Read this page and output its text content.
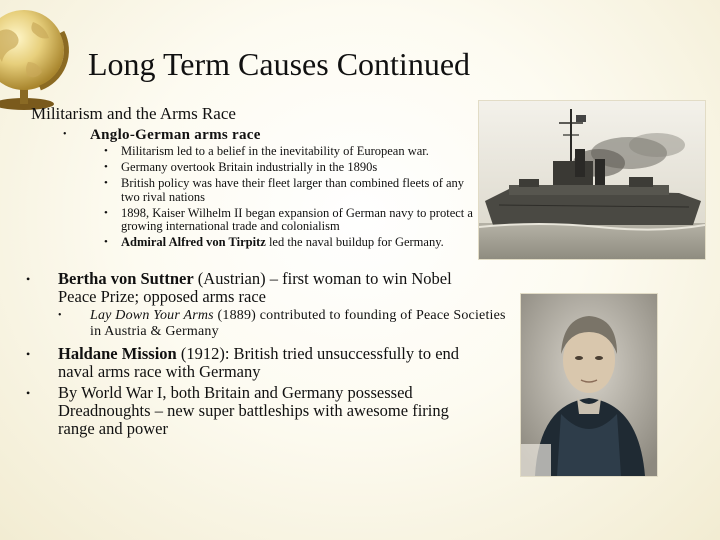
Long Term Causes Continued
Militarism and the Arms Race
• Anglo-German arms race
• Militarism led to a belief in the inevitability of European war.
• Germany overtook Britain industrially in the 1890s
• British policy was have their fleet larger than combined fleets of any two rival nations
• 1898, Kaiser Wilhelm II began expansion of German navy to protect a growing international trade and colonialism
• Admiral Alfred von Tirpitz led the naval buildup for Germany.

• Bertha von Suttner (Austrian) – first woman to win Nobel Peace Prize; opposed arms race

• Lay Down Your Arms (1889) contributed to founding of Peace Societies in Austria & Germany

• Haldane Mission (1912): British tried unsuccessfully to end naval arms race with Germany

• By World War I, both Britain and Germany possessed Dreadnoughts – new super battleships with awesome firing range and power
